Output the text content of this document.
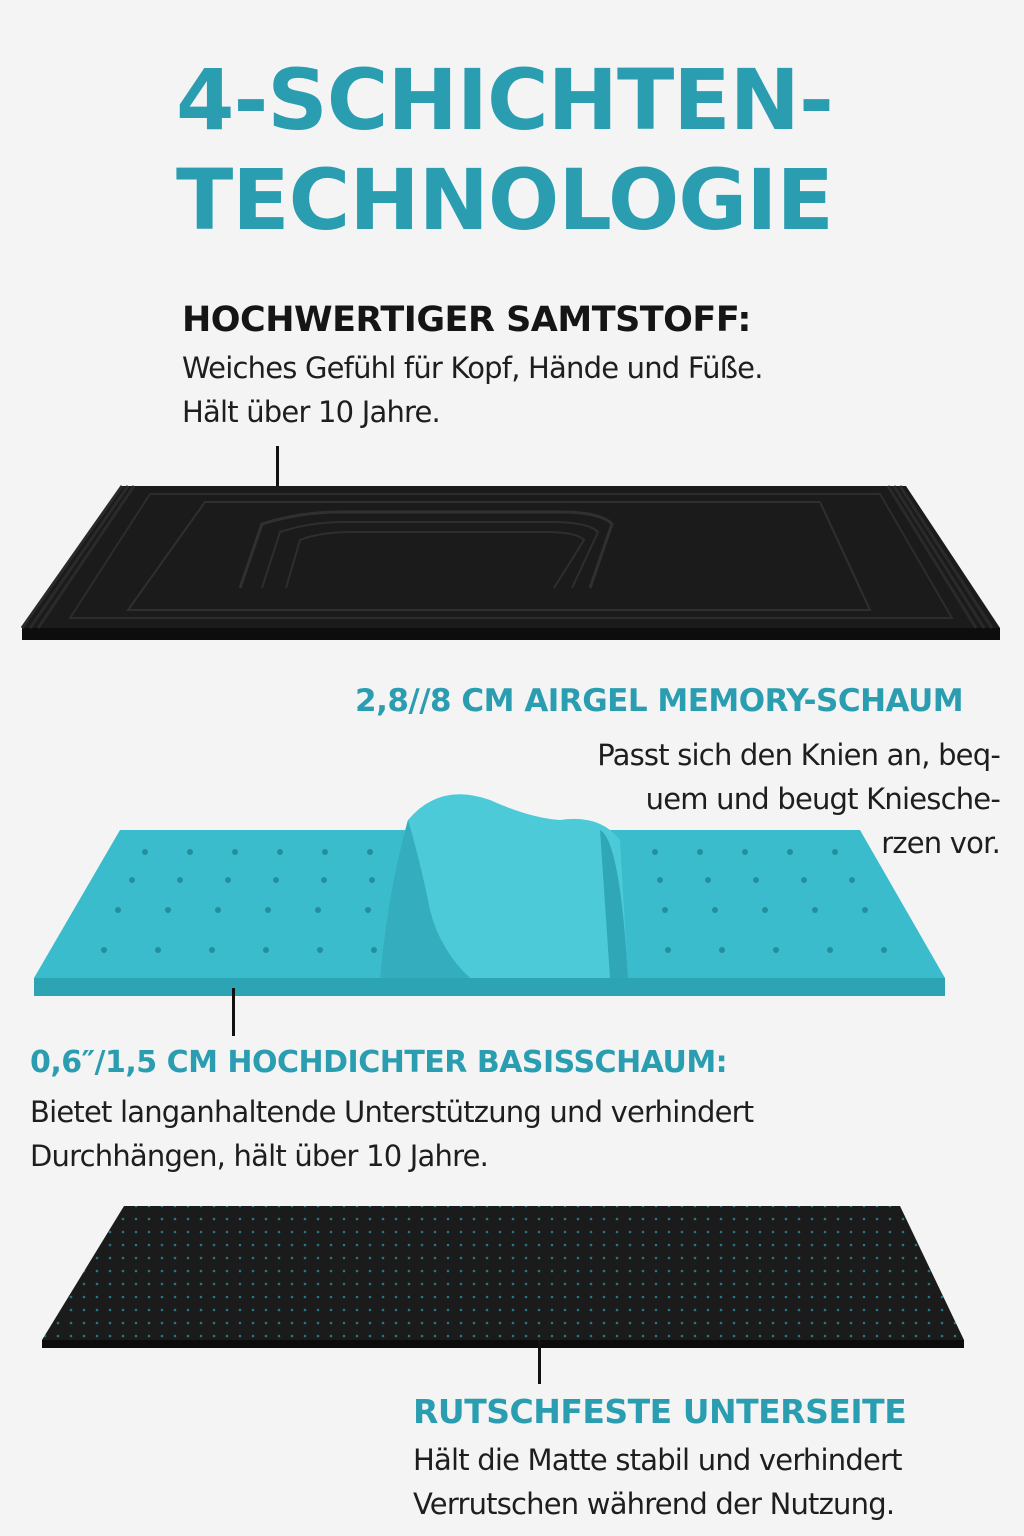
4-SCHICHTEN-
TECHNOLOGIE
HOCHWERTIGER SAMTSTOFF:

Weiches Gefühl für Kopf, Hände und Füße.
Hält über 10 Jahre.

2,8//8 CM AIRGEL MEMORY-SCHAUM

Passt sich den Knien an, beq-
uem und beugt Kniesche-
rzen vor.

0,6″/1,5 CM HOCHDICHTER BASISSCHAUM:

Bietet langanhaltende Unterstützung und verhindert
Durchhängen, hält über 10 Jahre.

RUTSCHFESTE UNTERSEITE

Hält die Matte stabil und verhindert
Verrutschen während der Nutzung.
